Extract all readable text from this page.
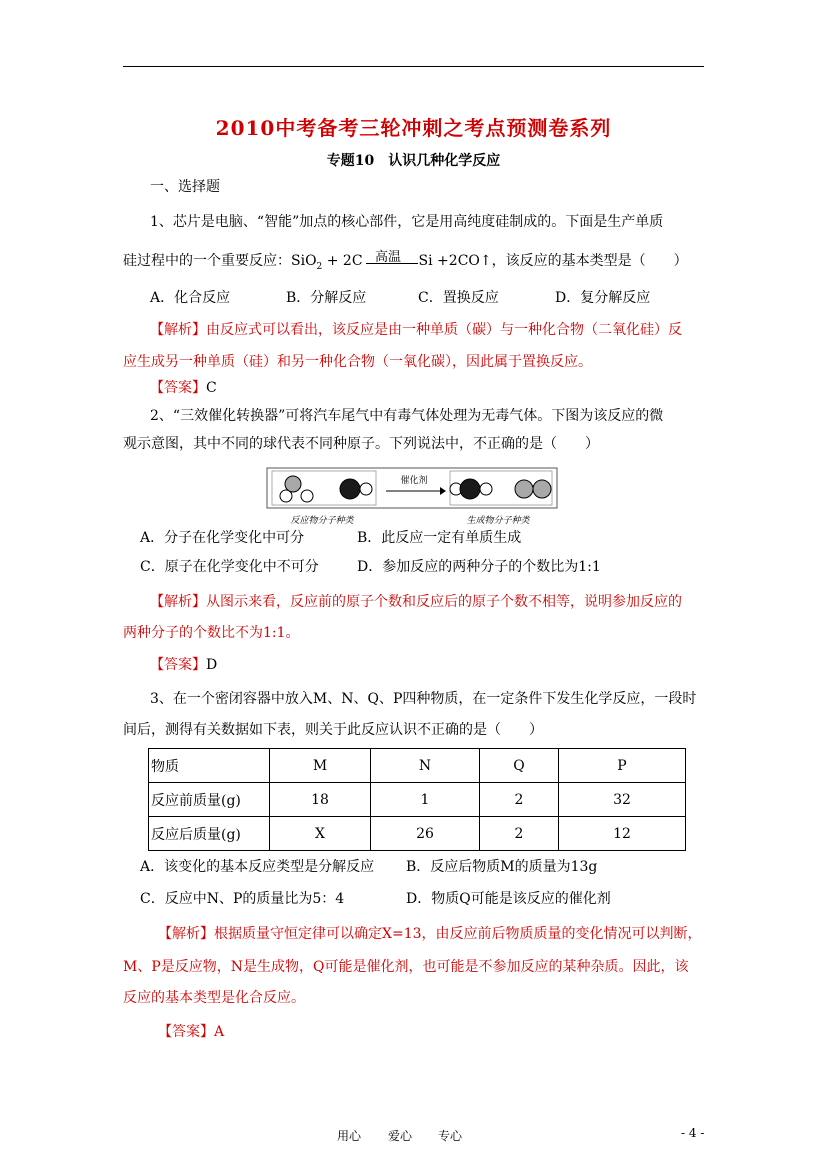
2010中考备考三轮冲刺之考点预测卷系列
专题10　认识几种化学反应
一、选择题
1、芯片是电脑、“智能”加点的核心部件，它是用高纯度硅制成的。下面是生产单质
硅过程中的一个重要反应：SiO$_2$ + 2C	Si +2CO↑，该反应的基本类型是（　　）
高温
A．化合反应	B．分解反应	C．置换反应	D．复分解反应
【解析】由反应式可以看出，该反应是由一种单质（碳）与一种化合物（二氧化硅）反
应生成另一种单质（硅）和另一种化合物（一氧化碳），因此属于置换反应。
【答案】C
2、“三效催化转换器”可将汽车尾气中有毒气体处理为无毒气体。下图为该反应的微
观示意图，其中不同的球代表不同种原子。下列说法中，不正确的是（　　）
催化剂
反应物分子种类	生成物分子种类
A．分子在化学变化中可分	B．此反应一定有单质生成
C．原子在化学变化中不可分	D．参加反应的两种分子的个数比为1:1
【解析】从图示来看，反应前的原子个数和反应后的原子个数不相等，说明参加反应的
两种分子的个数比不为1:1。
【答案】D
3、在一个密闭容器中放入M、N、Q、P四种物质，在一定条件下发生化学反应，一段时
间后，测得有关数据如下表，则关于此反应认识不正确的是（　　）
物质	M	N	Q	P
反应前质量(g)	18	1	2	32
反应后质量(g)	X	26	2	12
A．该变化的基本反应类型是分解反应 B．反应后物质M的质量为13g
C．反应中N、P的质量比为5：4	D．物质Q可能是该反应的催化剂
【解析】根据质量守恒定律可以确定X=13，由反应前后物质质量的变化情况可以判断，
M、P是反应物，N是生成物，Q可能是催化剂，也可能是不参加反应的某种杂质。因此，该
反应的基本类型是化合反应。
【答案】A
用心 爱心 专心	- 4 -
